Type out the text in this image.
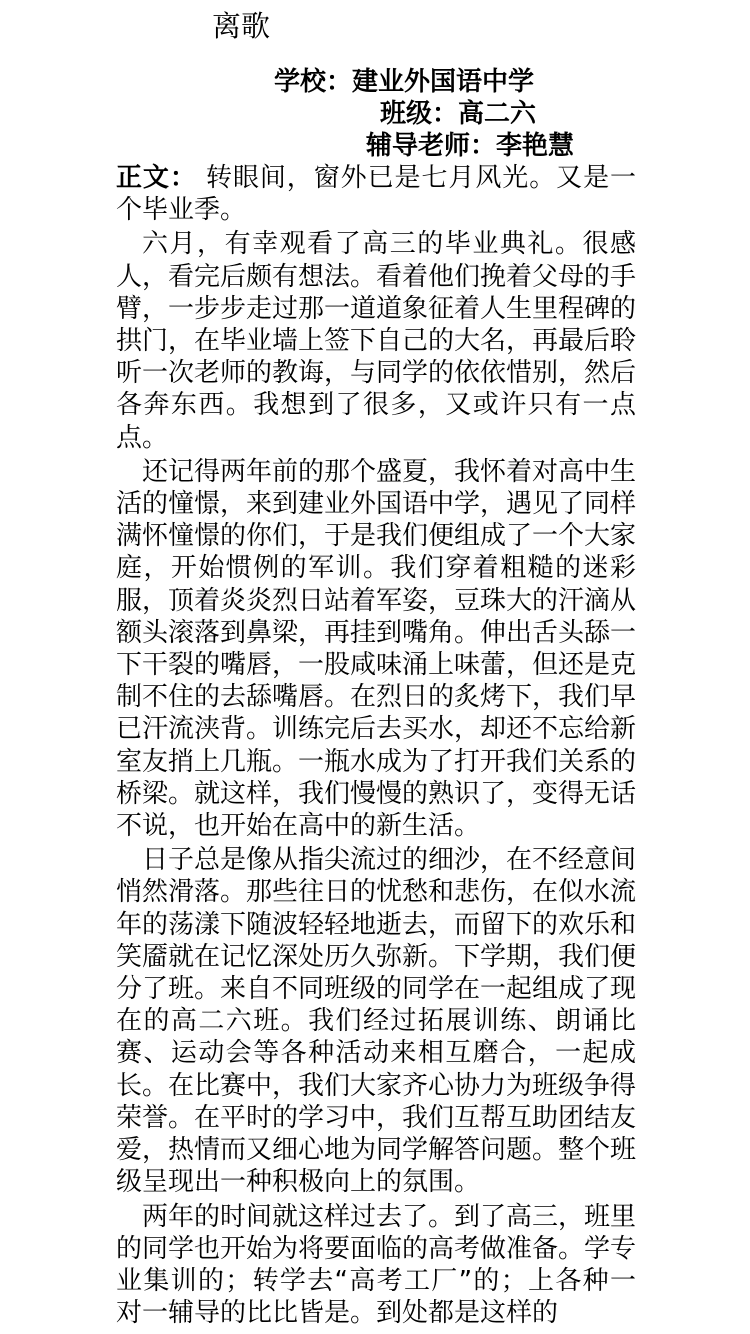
离歌
学校：建业外国语中学
班级：高二六
辅导老师：李艳慧

正文： 转眼间，窗外已是七月风光。又是一个毕业季。

六月，有幸观看了高三的毕业典礼。很感人，看完后颇有想法。看着他们挽着父母的手臂，一步步走过那一道道象征着人生里程碑的拱门，在毕业墙上签下自己的大名，再最后聆听一次老师的教诲，与同学的依依惜别，然后各奔东西。我想到了很多，又或许只有一点点。

还记得两年前的那个盛夏，我怀着对高中生活的憧憬，来到建业外国语中学，遇见了同样满怀憧憬的你们，于是我们便组成了一个大家庭，开始惯例的军训。我们穿着粗糙的迷彩服，顶着炎炎烈日站着军姿，豆珠大的汗滴从额头滚落到鼻梁，再挂到嘴角。伸出舌头舔一下干裂的嘴唇，一股咸味涌上味蕾，但还是克制不住的去舔嘴唇。在烈日的炙烤下，我们早已汗流浃背。训练完后去买水，却还不忘给新室友捎上几瓶。一瓶水成为了打开我们关系的桥梁。就这样，我们慢慢的熟识了，变得无话不说，也开始在高中的新生活。

日子总是像从指尖流过的细沙，在不经意间悄然滑落。那些往日的忧愁和悲伤，在似水流年的荡漾下随波轻轻地逝去，而留下的欢乐和笑靥就在记忆深处历久弥新。下学期，我们便分了班。来自不同班级的同学在一起组成了现在的高二六班。我们经过拓展训练、朗诵比赛、运动会等各种活动来相互磨合，一起成长。在比赛中，我们大家齐心协力为班级争得荣誉。在平时的学习中，我们互帮互助团结友爱，热情而又细心地为同学解答问题。整个班级呈现出一种积极向上的氛围。

两年的时间就这样过去了。到了高三，班里的同学也开始为将要面临的高考做准备。学专业集训的；转学去“高考工厂”的；上各种一对一辅导的比比皆是。到处都是这样的
